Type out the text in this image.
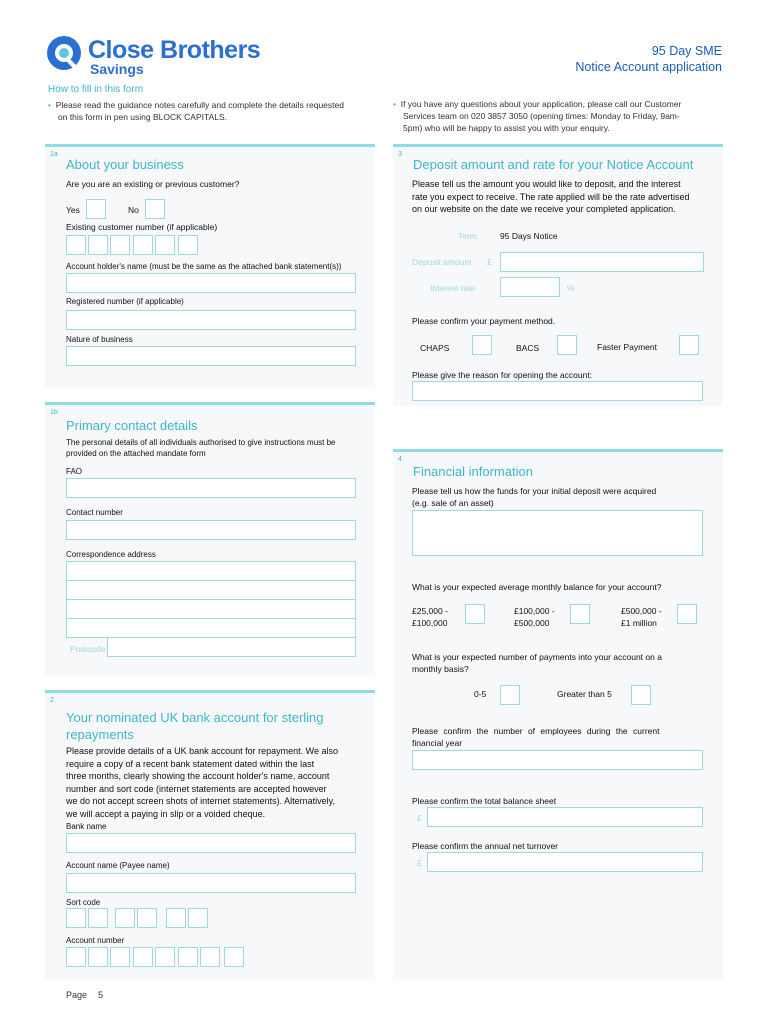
Close Brothers
Savings
95 Day SME
Notice Account application
How to fill in this form
• Please read the guidance notes carefully and complete the details requested
on this form in pen using BLOCK CAPITALS.
• If you have any questions about your application, please call our Customer
Services team on 020 3857 3050 (opening times: Monday to Friday, 9am-
5pm) who will be happy to assist you with your enquiry.
1a
About your business
Are you are an existing or previous customer?
Yes	No
Existing customer number (if applicable)
Account holder's name (must be the same as the attached bank statement(s))
Registered number (if applicable)
Nature of business
1b
Primary contact details
The personal details of all individuals authorised to give instructions must be
provided on the attached mandate form
FAO
Contact number
Correspondence address
Postcode
2
Your nominated UK bank account for sterling
repayments
Please provide details of a UK bank account for repayment. We also
require a copy of a recent bank statement dated within the last
three months, clearly showing the account holder's name, account
number and sort code (internet statements are accepted however
we do not accept screen shots of internet statements). Alternatively,
we will accept a paying in slip or a voided cheque.
Bank name
Account name (Payee name)
Sort code
Account number
3
Deposit amount and rate for your Notice Account
Please tell us the amount you would like to deposit, and the interest
rate you expect to receive. The rate applied will be the rate advertised
on our website on the date we receive your completed application.
Term	95 Days Notice
Deposit amount £
Interest rate	%
Please confirm your payment method.
CHAPS	BACS	Faster Payment
Please give the reason for opening the account:
4
Financial information
Please tell us how the funds for your initial deposit were acquired
(e.g. sale of an asset)
What is your expected average monthly balance for your account?
£25,000 -
£100,000
£100,000 -
£500,000
£500,000 -
£1 million
What is your expected number of payments into your account on a
monthly basis?
0-5	Greater than 5
Please confirm the number of employees during the current
financial year
Please confirm the total balance sheet
£
Please confirm the annual net turnover
£
Page 5
